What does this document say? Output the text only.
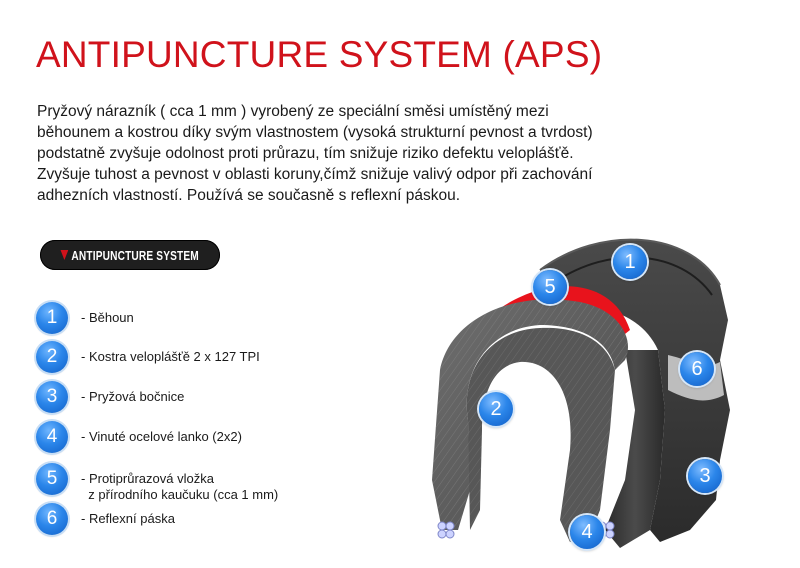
ANTIPUNCTURE SYSTEM (APS)

Pryžový nárazník ( cca 1 mm ) vyrobený ze speciální směsi umístěný mezi

běhounem a kostrou díky svým vlastnostem (vysoká strukturní pevnost a tvrdost)

podstatně zvyšuje odolnost proti průrazu, tím snižuje riziko defektu veloplášťě.

Zvyšuje tuhost a pevnost v oblasti koruny,čímž snižuje valivý odpor při zachování

adhezních vlastností. Používá se současně s reflexní páskou.

ANTIPUNCTURE SYSTEM
1	- Běhoun
2	- Kostra veloplášťě 2 x 127 TPI
3	- Pryžová bočnice
4	- Vinuté ocelové lanko (2x2)
5	- Protiprůrazová vložka
z přírodního kaučuku (cca 1 mm)
6	- Reflexní páska
1
2
3
4
5
6
